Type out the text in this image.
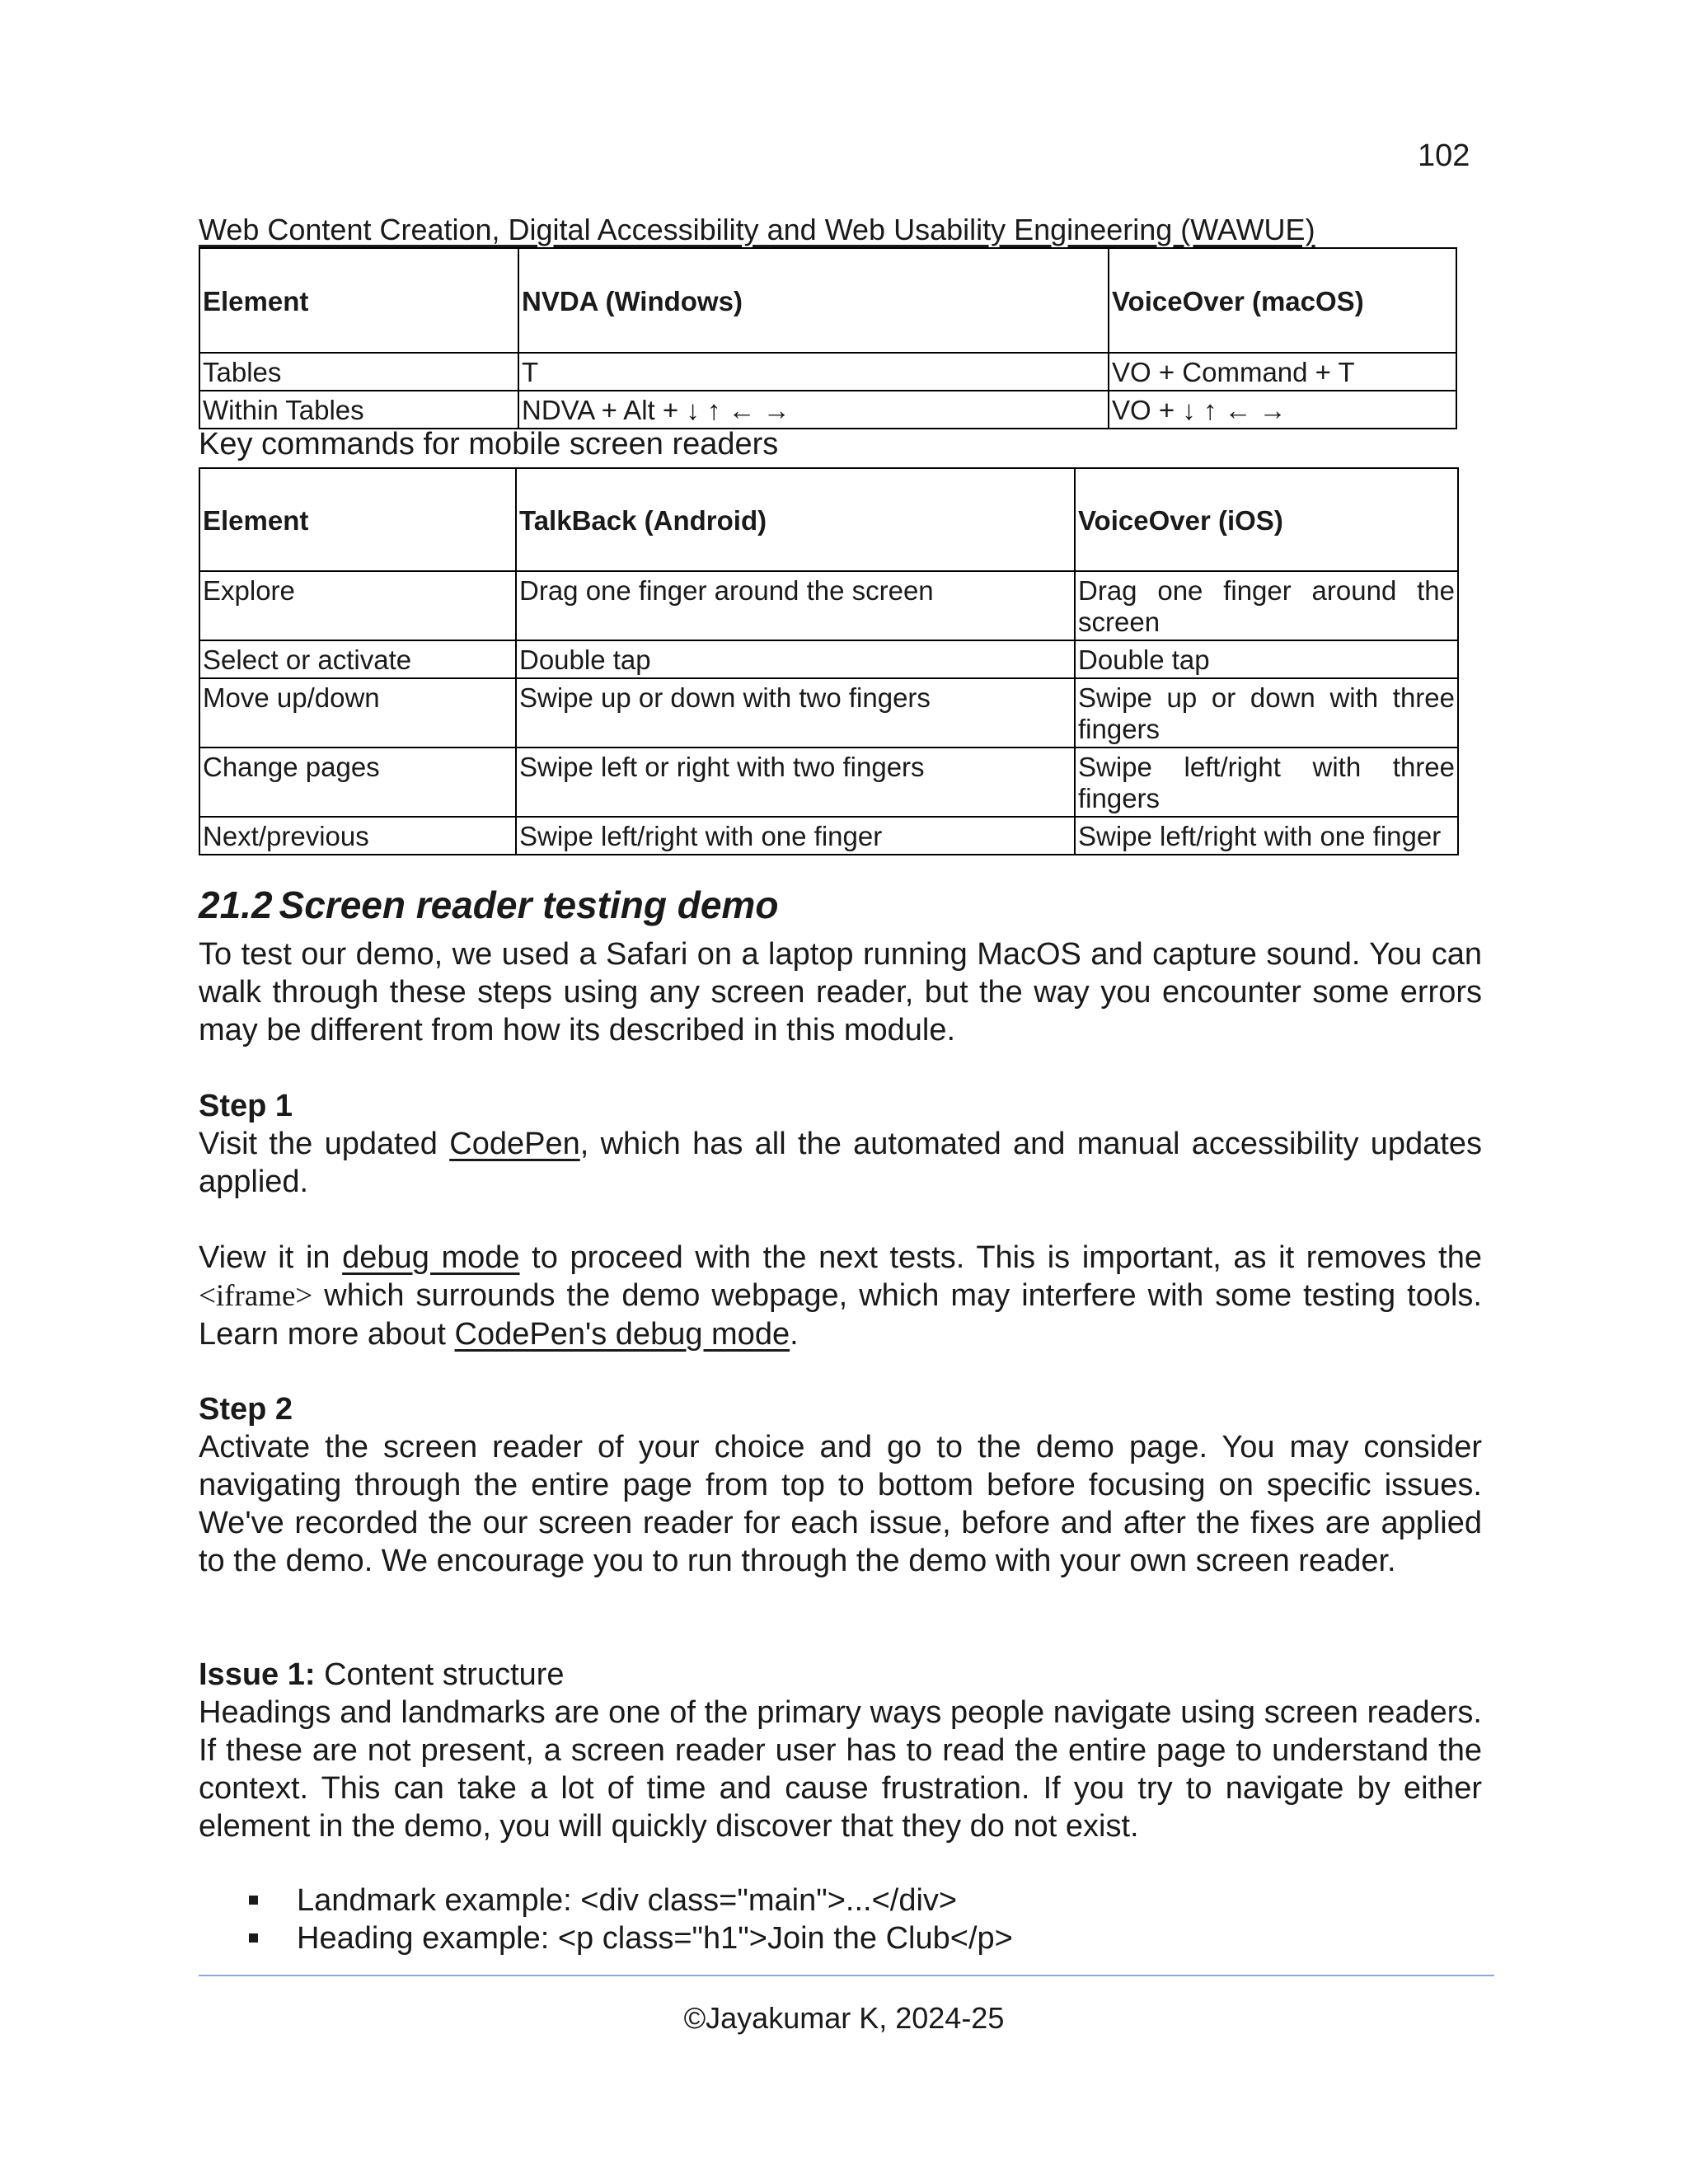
102
Web Content Creation, Digital Accessibility and Web Usability Engineering (WAWUE)
Element	NVDA (Windows)	VoiceOver (macOS)
Tables	T	VO + Command + T
Within Tables	NDVA + Alt + ↓ ↑ ← →	VO + ↓ ↑ ← →
Key commands for mobile screen readers
Element	TalkBack (Android)	VoiceOver (iOS)
Explore	Drag one finger around the screen	Drag one finger around the
screen

Select or activate	Double tap	Double tap
Move up/down	Swipe up or down with two fingers	Swipe up or down with three
fingers

Change pages	Swipe left or right with two fingers	Swipe left/right with three
fingers

Next/previous	Swipe left/right with one finger	Swipe left/right with one finger
21.2 Screen reader testing demo

To test our demo, we used a Safari on a laptop running MacOS and capture sound. You can walk through these steps using any screen reader, but the way you encounter some errors may be different from how its described in this module.

Step 1

Visit the updated CodePen, which has all the automated and manual accessibility updates applied.

View it in debug mode to proceed with the next tests. This is important, as it removes the <iframe> which surrounds the demo webpage, which may interfere with some testing tools. Learn more about CodePen's debug mode.

Step 2

Activate the screen reader of your choice and go to the demo page. You may consider navigating through the entire page from top to bottom before focusing on specific issues. We've recorded the our screen reader for each issue, before and after the fixes are applied to the demo. We encourage you to run through the demo with your own screen reader.

Issue 1: Content structure

Headings and landmarks are one of the primary ways people navigate using screen readers. If these are not present, a screen reader user has to read the entire page to understand the context. This can take a lot of time and cause frustration. If you try to navigate by either element in the demo, you will quickly discover that they do not exist.

Landmark example: <div class="main">...</div>
Heading example: <p class="h1">Join the Club</p>
©Jayakumar K, 2024-25
